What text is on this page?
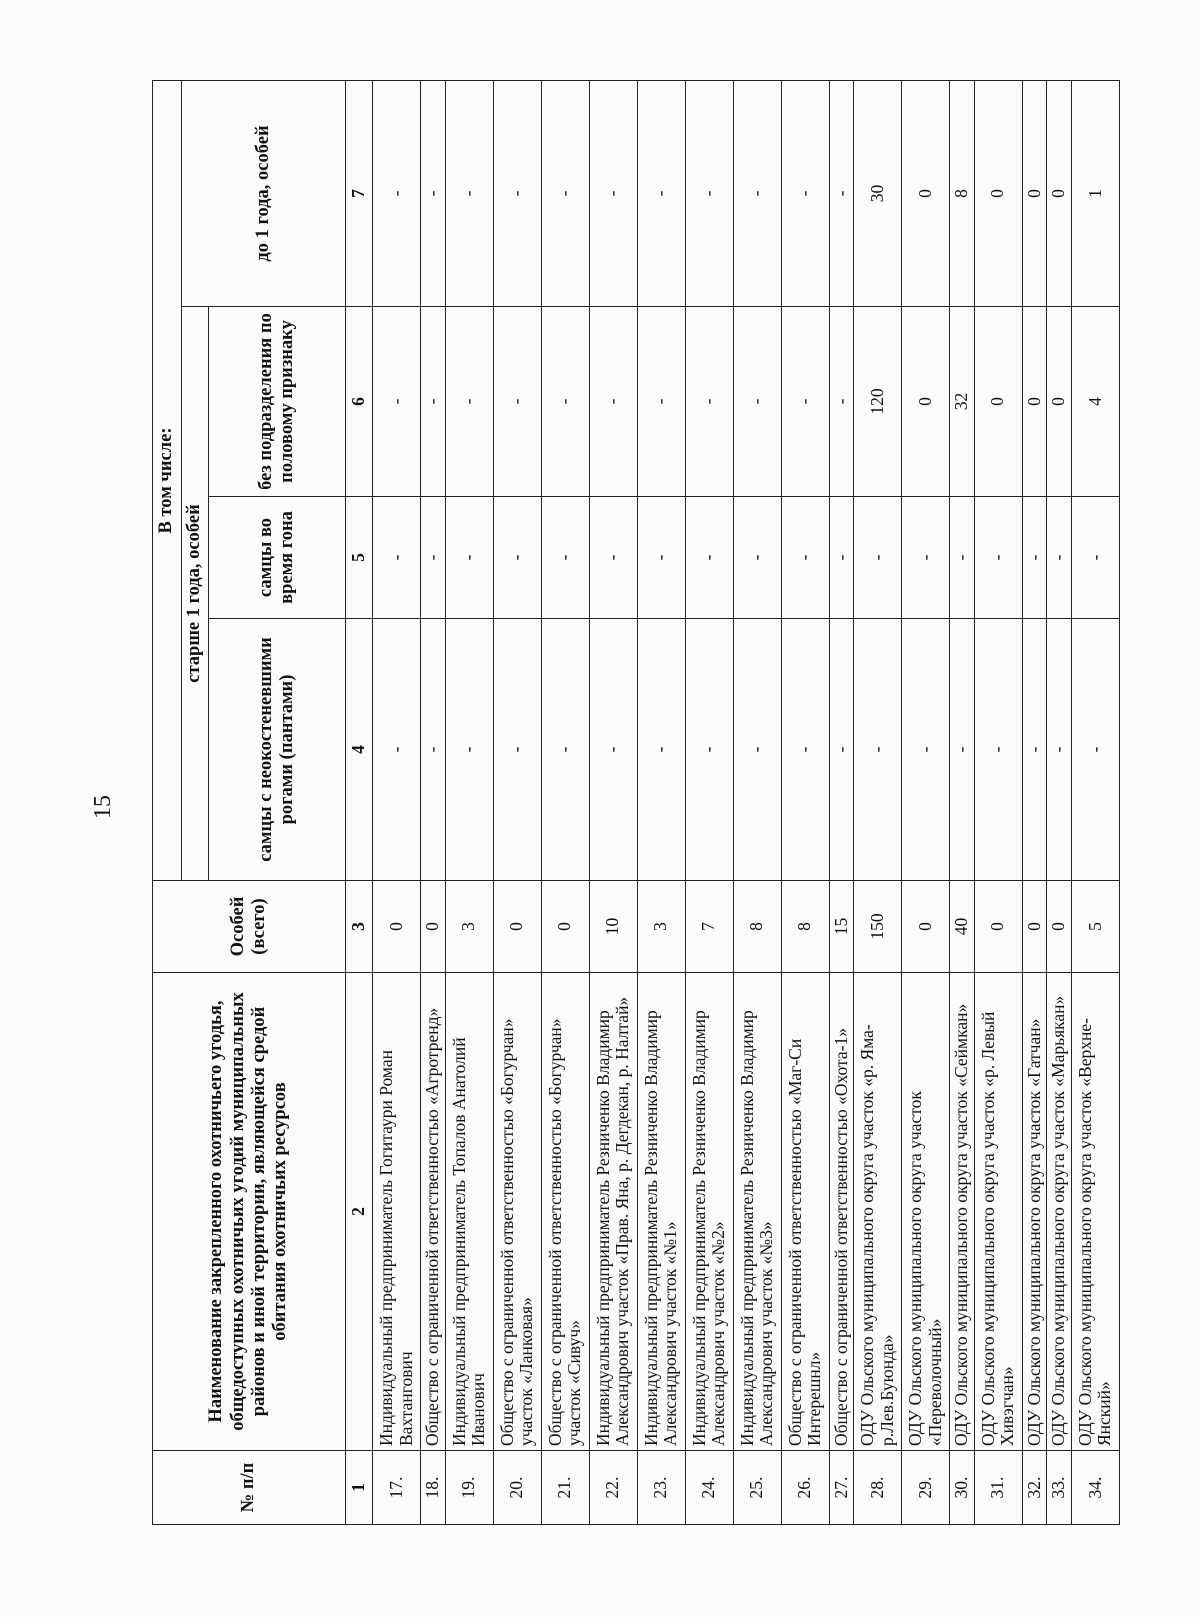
15
№ п/п	Наименование закрепленного охотничьего угодья, общедоступных охотничьих угодий муниципальных районов и иной территории, являющейся средой обитания охотничьих ресурсов	Особей (всего)	В том числе:			
			старше 1 года, особей			до 1 года, особей
			самцы с неокостеневшими рогами (пантами)	самцы во время гона	без подразделения по половому признаку	
1	2	3	4	5	6	7
17.	Индивидуальный предприниматель Гогитаури Роман Вахтангович	0	-	-	-	-
18.	Общество с ограниченной ответственностью «Агротренд»	0	-	-	-	-
19.	Индивидуальный предприниматель Топалов Анатолий Иванович	3	-	-	-	-
20.	Общество с ограниченной ответственностью «Богурчан» участок «Ланковая»	0	-	-	-	-
21.	Общество с ограниченной ответственностью «Богурчан» участок «Сивуч»	0	-	-	-	-
22.	Индивидуальный предприниматель Резниченко Владимир Александрович участок «Прав. Яна, р. Дегдекан, р. Налтай»	10	-	-	-	-
23.	Индивидуальный предприниматель Резниченко Владимир Александрович участок «№1»	3	-	-	-	-
24.	Индивидуальный предприниматель Резниченко Владимир Александрович участок «№2»	7	-	-	-	-
25.	Индивидуальный предприниматель Резниченко Владимир Александрович участок «№3»	8	-	-	-	-
26.	Общество с ограниченной ответственностью «Маг-Си Интерешнл»	8	-	-	-	-
27.	Общество с ограниченной ответственностью «Охота-1»	15	-	-	-	-
28.	ОДУ Ольского муниципального округа участок «р. Яма-р.Лев.Буюнда»	150	-	-	120	30
29.	ОДУ Ольского муниципального округа участок «Переволочный»	0	-	-	0	0
30.	ОДУ Ольского муниципального округа участок «Сеймкан»	40	-	-	32	8
31.	ОДУ Ольского муниципального округа участок «р. Левый Хивэгчан»	0	-	-	0	0
32.	ОДУ Ольского муниципального округа участок «Гатчан»	0	-	-	0	0
33.	ОДУ Ольского муниципального округа участок «Марьякан»	0	-	-	0	0
34.	ОДУ Ольского муниципального округа участок «Верхне-Янский»	5	-	-	4	1
